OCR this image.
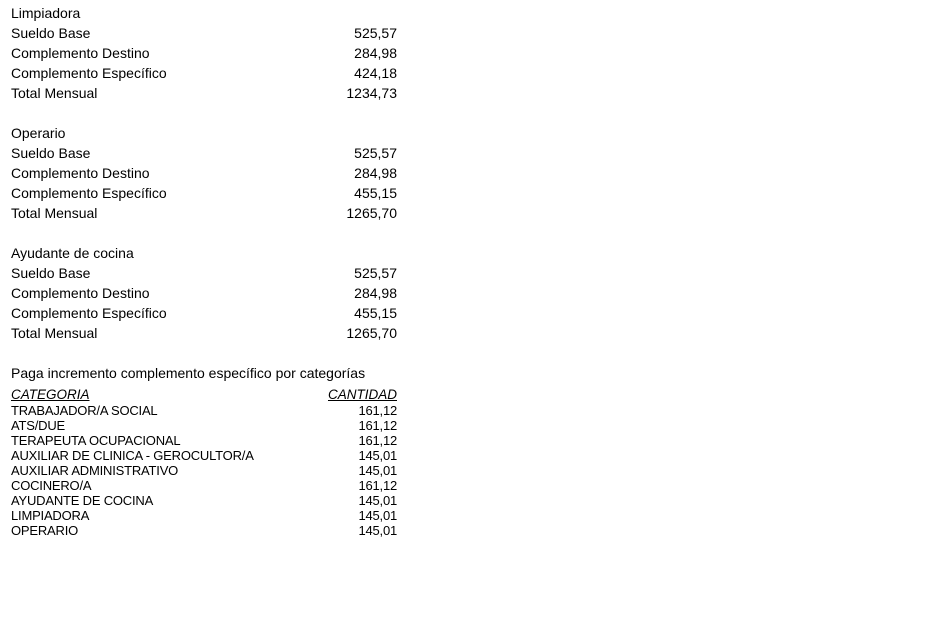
Limpiadora
Sueldo Base	525,57
Complemento Destino	284,98
Complemento Específico	424,18
Total Mensual	1234,73
Operario
Sueldo Base	525,57
Complemento Destino	284,98
Complemento Específico	455,15
Total Mensual	1265,70
Ayudante de cocina
Sueldo Base	525,57
Complemento Destino	284,98
Complemento Específico	455,15
Total Mensual	1265,70
Paga incremento complemento específico por categorías
CATEGORIA	CANTIDAD
TRABAJADOR/A SOCIAL	161,12
ATS/DUE	161,12
TERAPEUTA OCUPACIONAL	161,12
AUXILIAR DE CLINICA - GEROCULTOR/A	145,01
AUXILIAR ADMINISTRATIVO	145,01
COCINERO/A	161,12
AYUDANTE DE COCINA	145,01
LIMPIADORA	145,01
OPERARIO	145,01
